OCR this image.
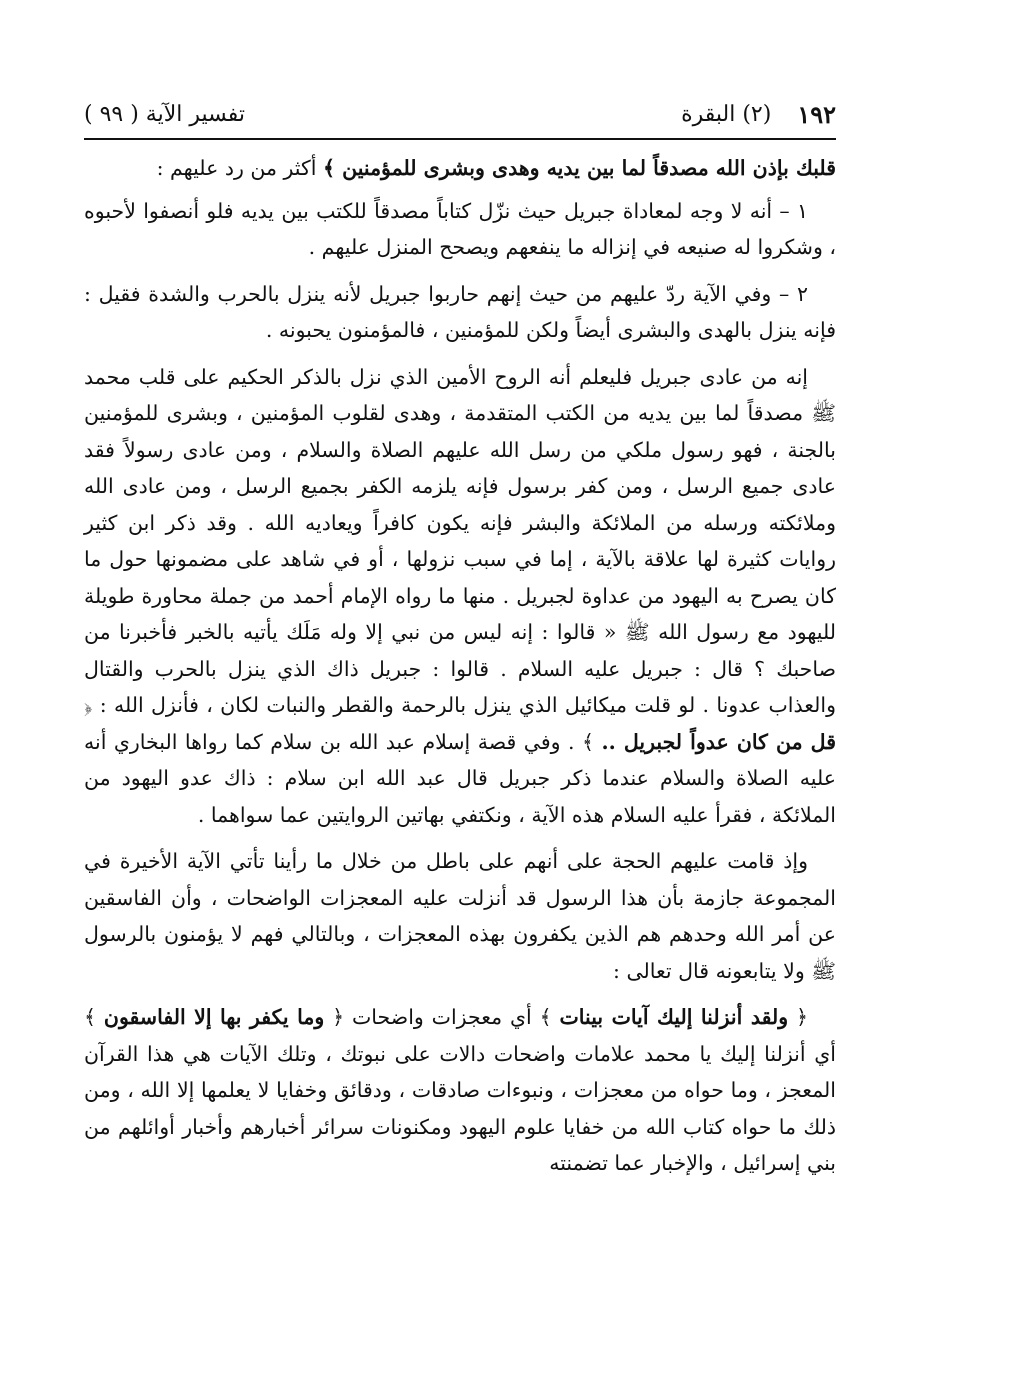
١٩٢
(٢) البقرة
تفسير الآية ( ٩٩ )

قلبك بإذن الله مصدقاً لما بين يديه وهدى وبشرى للمؤمنين ﴾ أكثر من رد عليهم :

١ – أنه لا وجه لمعاداة جبريل حيث نزّل كتاباً مصدقاً للكتب بين يديه فلو أنصفوا لأحبوه ، وشكروا له صنيعه في إنزاله ما ينفعهم ويصحح المنزل عليهم .

٢ – وفي الآية ردّ عليهم من حيث إنهم حاربوا جبريل لأنه ينزل بالحرب والشدة فقيل : فإنه ينزل بالهدى والبشرى أيضاً ولكن للمؤمنين ، فالمؤمنون يحبونه .

إنه من عادى جبريل فليعلم أنه الروح الأمين الذي نزل بالذكر الحكيم على قلب محمد ﷺ مصدقاً لما بين يديه من الكتب المتقدمة ، وهدى لقلوب المؤمنين ، وبشرى للمؤمنين بالجنة ، فهو رسول ملكي من رسل الله عليهم الصلاة والسلام ، ومن عادى رسولاً فقد عادى جميع الرسل ، ومن كفر برسول فإنه يلزمه الكفر بجميع الرسل ، ومن عادى الله وملائكته ورسله من الملائكة والبشر فإنه يكون كافراً ويعاديه الله . وقد ذكر ابن كثير روايات كثيرة لها علاقة بالآية ، إما في سبب نزولها ، أو في شاهد على مضمونها حول ما كان يصرح به اليهود من عداوة لجبريل . منها ما رواه الإمام أحمد من جملة محاورة طويلة لليهود مع رسول الله ﷺ « قالوا : إنه ليس من نبي إلا وله مَلَك يأتيه بالخبر فأخبرنا من صاحبك ؟ قال : جبريل عليه السلام . قالوا : جبريل ذاك الذي ينزل بالحرب والقتال والعذاب عدونا . لو قلت ميكائيل الذي ينزل بالرحمة والقطر والنبات لكان ، فأنزل الله : ﴿ قل من كان عدواً لجبريل .. ﴾ . وفي قصة إسلام عبد الله بن سلام كما رواها البخاري أنه عليه الصلاة والسلام عندما ذكر جبريل قال عبد الله ابن سلام : ذاك عدو اليهود من الملائكة ، فقرأ عليه السلام هذه الآية ، ونكتفي بهاتين الروايتين عما سواهما .

وإذ قامت عليهم الحجة على أنهم على باطل من خلال ما رأينا تأتي الآية الأخيرة في المجموعة جازمة بأن هذا الرسول قد أنزلت عليه المعجزات الواضحات ، وأن الفاسقين عن أمر الله وحدهم هم الذين يكفرون بهذه المعجزات ، وبالتالي فهم لا يؤمنون بالرسول ﷺ ولا يتابعونه قال تعالى :

﴿ ولقد أنزلنا إليك آيات بينات ﴾ أي معجزات واضحات ﴿ وما يكفر بها إلا الفاسقون ﴾ أي أنزلنا إليك يا محمد علامات واضحات دالات على نبوتك ، وتلك الآيات هي هذا القرآن المعجز ، وما حواه من معجزات ، ونبوءات صادقات ، ودقائق وخفايا لا يعلمها إلا الله ، ومن ذلك ما حواه كتاب الله من خفايا علوم اليهود ومكنونات سرائر أخبارهم وأخبار أوائلهم من بني إسرائيل ، والإخبار عما تضمنته
